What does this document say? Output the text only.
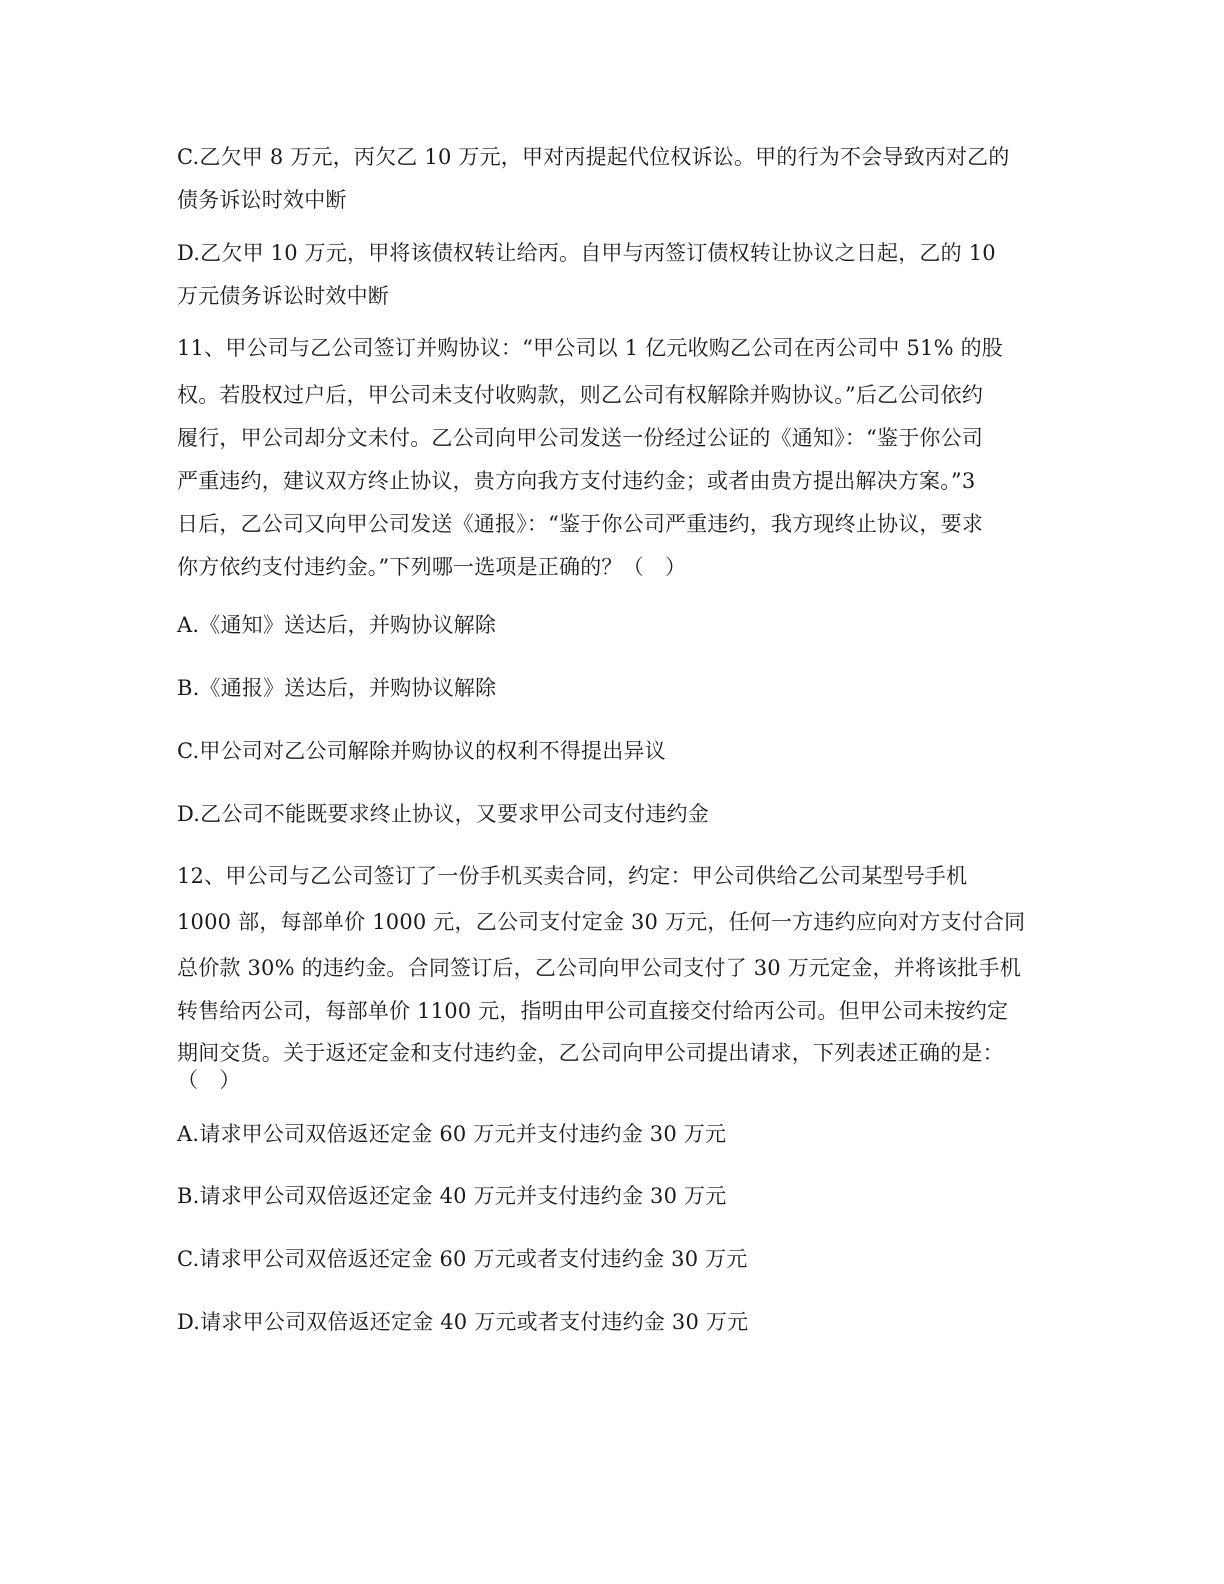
C.乙欠甲 8 万元，丙欠乙 10 万元，甲对丙提起代位权诉讼。甲的行为不会导致丙对乙的
债务诉讼时效中断
D.乙欠甲 10 万元，甲将该债权转让给丙。自甲与丙签订债权转让协议之日起，乙的 10
万元债务诉讼时效中断
11、甲公司与乙公司签订并购协议：“甲公司以 1 亿元收购乙公司在丙公司中 51% 的股
权。若股权过户后，甲公司未支付收购款，则乙公司有权解除并购协议。”后乙公司依约
履行，甲公司却分文未付。乙公司向甲公司发送一份经过公证的《通知》：“鉴于你公司
严重违约，建议双方终止协议，贵方向我方支付违约金；或者由贵方提出解决方案。”3
日后，乙公司又向甲公司发送《通报》：“鉴于你公司严重违约，我方现终止协议，要求
你方依约支付违约金。”下列哪一选项是正确的？（　）
A.《通知》送达后，并购协议解除
B.《通报》送达后，并购协议解除
C.甲公司对乙公司解除并购协议的权利不得提出异议
D.乙公司不能既要求终止协议，又要求甲公司支付违约金
12、甲公司与乙公司签订了一份手机买卖合同，约定：甲公司供给乙公司某型号手机
1000 部，每部单价 1000 元，乙公司支付定金 30 万元，任何一方违约应向对方支付合同
总价款 30% 的违约金。合同签订后，乙公司向甲公司支付了 30 万元定金，并将该批手机
转售给丙公司，每部单价 1100 元，指明由甲公司直接交付给丙公司。但甲公司未按约定
期间交货。关于返还定金和支付违约金，乙公司向甲公司提出请求，下列表述正确的是：
（　）
A.请求甲公司双倍返还定金 60 万元并支付违约金 30 万元
B.请求甲公司双倍返还定金 40 万元并支付违约金 30 万元
C.请求甲公司双倍返还定金 60 万元或者支付违约金 30 万元
D.请求甲公司双倍返还定金 40 万元或者支付违约金 30 万元
